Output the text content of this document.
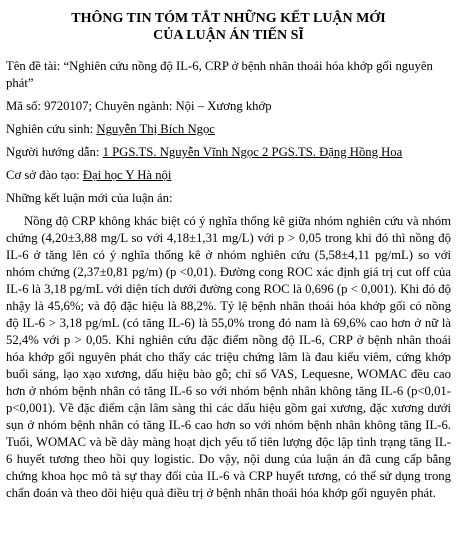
THÔNG TIN TÓM TẮT NHỮNG KẾT LUẬN MỚI

CỦA LUẬN ÁN TIẾN SĨ

Tên đề tài: “Nghiên cứu nồng độ IL-6, CRP ở bệnh nhân thoái hóa khớp gối nguyên phát”

Mã số: 9720107; Chuyên ngành: Nội – Xương khớp

Nghiên cứu sinh: Nguyễn Thị Bích Ngọc

Người hướng dẫn: 1 PGS.TS. Nguyễn Vĩnh Ngọc 2 PGS.TS. Đặng Hồng Hoa

Cơ sở đào tạo: Đại học Y Hà nội

Những kết luận mới của luận án:

Nồng độ CRP không khác biệt có ý nghĩa thống kê giữa nhóm nghiên cứu và nhóm chứng (4,20±3,88 mg/L so với 4,18±1,31 mg/L) với p > 0,05 trong khi đó thì nồng độ IL-6 ở tăng lên có ý nghĩa thống kê ở nhóm nghiên cứu (5,58±4,11 pg/mL) so với nhóm chứng (2,37±0,81 pg/m) (p <0,01). Đường cong ROC xác định giá trị cut off của IL-6 là 3,18 pg/mL với diện tích dưới đường cong ROC là 0,696 (p < 0,001). Khi đó độ nhậy là 45,6%; và độ đặc hiệu là 88,2%. Tỷ lệ bệnh nhân thoái hóa khớp gối có nồng độ IL-6 > 3,18 pg/mL (có tăng IL-6) là 55,0% trong đó nam là 69,6% cao hơn ở nữ là 52,4% với p > 0,05. Khi nghiên cứu đặc điểm nồng độ IL-6, CRP ở bệnh nhân thoái hóa khớp gối nguyên phát cho thấy các triệu chứng lâm là đau kiểu viêm, cứng khớp buổi sáng, lạo xạo xương, dấu hiệu bào gỗ; chỉ số VAS, Lequesne, WOMAC đều cao hơn ở nhóm bệnh nhân có tăng IL-6 so với nhóm bệnh nhân không tăng IL-6 (p<0,01-p<0,001). Về đặc điểm cận lâm sàng thì các dấu hiệu gồm gai xương, đặc xương dưới sụn ở nhóm bệnh nhân có tăng IL-6 cao hơn so với nhóm bệnh nhân không tăng IL-6. Tuổi, WOMAC và bề dày màng hoạt dịch yếu tố tiên lượng độc lập tình trạng tăng IL-6 huyết tương theo hồi quy logistic. Do vậy, nội dung của luận án đã cung cấp bằng chứng khoa học mô tả sự thay đổi của IL-6 và CRP huyết tương, có thể sử dụng trong chẩn đoán và theo dõi hiệu quả điều trị ở bệnh nhân thoái hóa khớp gối nguyên phát.
